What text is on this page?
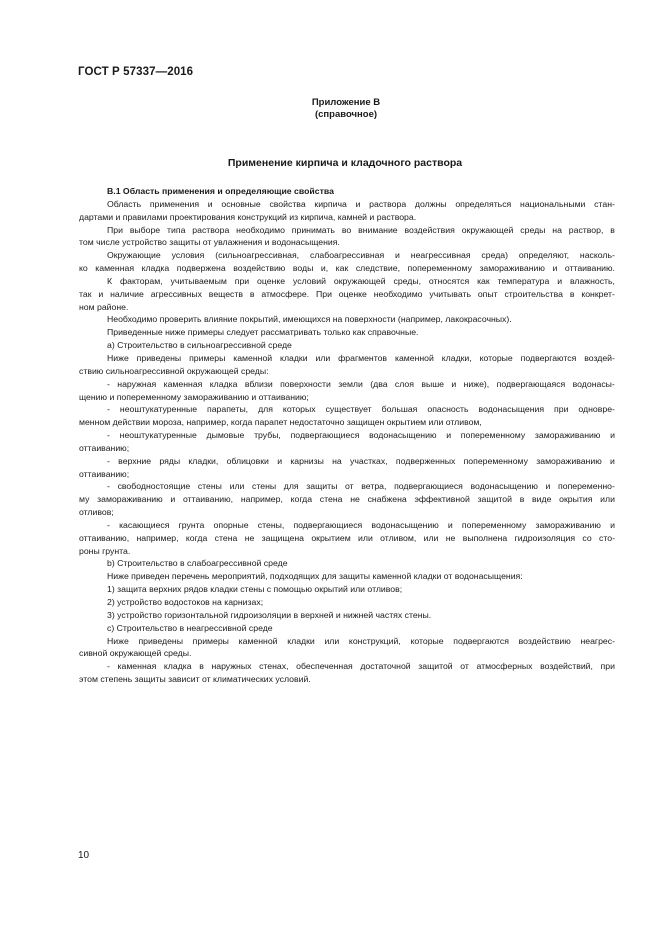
ГОСТ Р 57337—2016
Приложение В
(справочное)
Применение кирпича и кладочного раствора
В.1 Область применения и определяющие свойства
Область применения и основные свойства кирпича и раствора должны определяться национальными стан-
дартами и правилами проектирования конструкций из кирпича, камней и раствора.
При выборе типа раствора необходимо принимать во внимание воздействия окружающей среды на раствор, в
том числе устройство защиты от увлажнения и водонасыщения.
Окружающие условия (сильноагрессивная, слабоагрессивная и неагрессивная среда) определяют, насколь-
ко каменная кладка подвержена воздействию воды и, как следствие, попеременному замораживанию и оттаиванию.
К факторам, учитываемым при оценке условий окружающей среды, относятся как температура и влажность,
так и наличие агрессивных веществ в атмосфере. При оценке необходимо учитывать опыт строительства в конкрет-
ном районе.
Необходимо проверить влияние покрытий, имеющихся на поверхности (например, лакокрасочных).
Приведенные ниже примеры следует рассматривать только как справочные.
a) Строительство в сильноагрессивной среде
Ниже приведены примеры каменной кладки или фрагментов каменной кладки, которые подвергаются воздей-
ствию сильноагрессивной окружающей среды:
- наружная каменная кладка вблизи поверхности земли (два слоя выше и ниже), подвергающаяся водонасы-
щению и попеременному замораживанию и оттаиванию;
- неоштукатуренные парапеты, для которых существует большая опасность водонасыщения при одновре-
менном действии мороза, например, когда парапет недостаточно защищен окрытием или отливом,
- неоштукатуренные дымовые трубы, подвергающиеся водонасыщению и попеременному замораживанию и
оттаиванию;
- верхние ряды кладки, облицовки и карнизы на участках, подверженных попеременному замораживанию и
оттаиванию;
- свободностоящие стены или стены для защиты от ветра, подвергающиеся водонасыщению и попеременно-
му замораживанию и оттаиванию, например, когда стена не снабжена эффективной защитой в виде окрытия или
отливов;
- касающиеся грунта опорные стены, подвергающиеся водонасыщению и попеременному замораживанию и
оттаиванию, например, когда стена не защищена окрытием или отливом, или не выполнена гидроизоляция со сто-
роны грунта.
b) Строительство в слабоагрессивной среде
Ниже приведен перечень мероприятий, подходящих для защиты каменной кладки от водонасыщения:
1) защита верхних рядов кладки стены с помощью окрытий или отливов;
2) устройство водостоков на карнизах;
3) устройство горизонтальной гидроизоляции в верхней и нижней частях стены.
c) Строительство в неагрессивной среде
Ниже приведены примеры каменной кладки или конструкций, которые подвергаются воздействию неагрес-
сивной окружающей среды.
- каменная кладка в наружных стенах, обеспеченная достаточной защитой от атмосферных воздействий, при
этом степень защиты зависит от климатических условий.
10
